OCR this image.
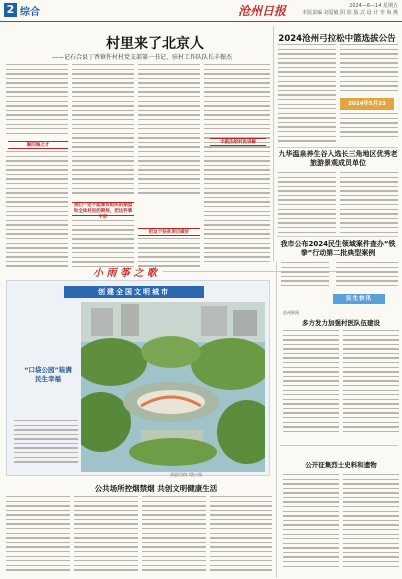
2 综合	沧州日报	2024—6—14 星期五
本版责编 刘爱敏 阴 影 版 式 设 计 李 海 燕
村里来了北京人
——记石合县丁香镇仵村村党支部第一书记、驻村工作队队长丰振杰
聚四海之才
我们一定不能辜负组织的期望和全体村民的期待，把这件事干好
把这个扶贫项目做好
丰振杰给村民讲解
2024沧州弓拉松中篮选拔公告
2024年5月23
九华温泉养生谷入选长三角地区优秀老旅游景观成员单位
我市公布2024民生领域案件查办“铁拳”行动第二批典型案例
小 雨 筝 之 歌
创建全国文明城市
“口袋公园”装满民生幸福
改造后的口袋公园
公共场所控烟禁烟 共创文明健康生活
民生快讯
沧州新闻
多方发力加强村医队伍建设
公开征集烈士史料和遗物
